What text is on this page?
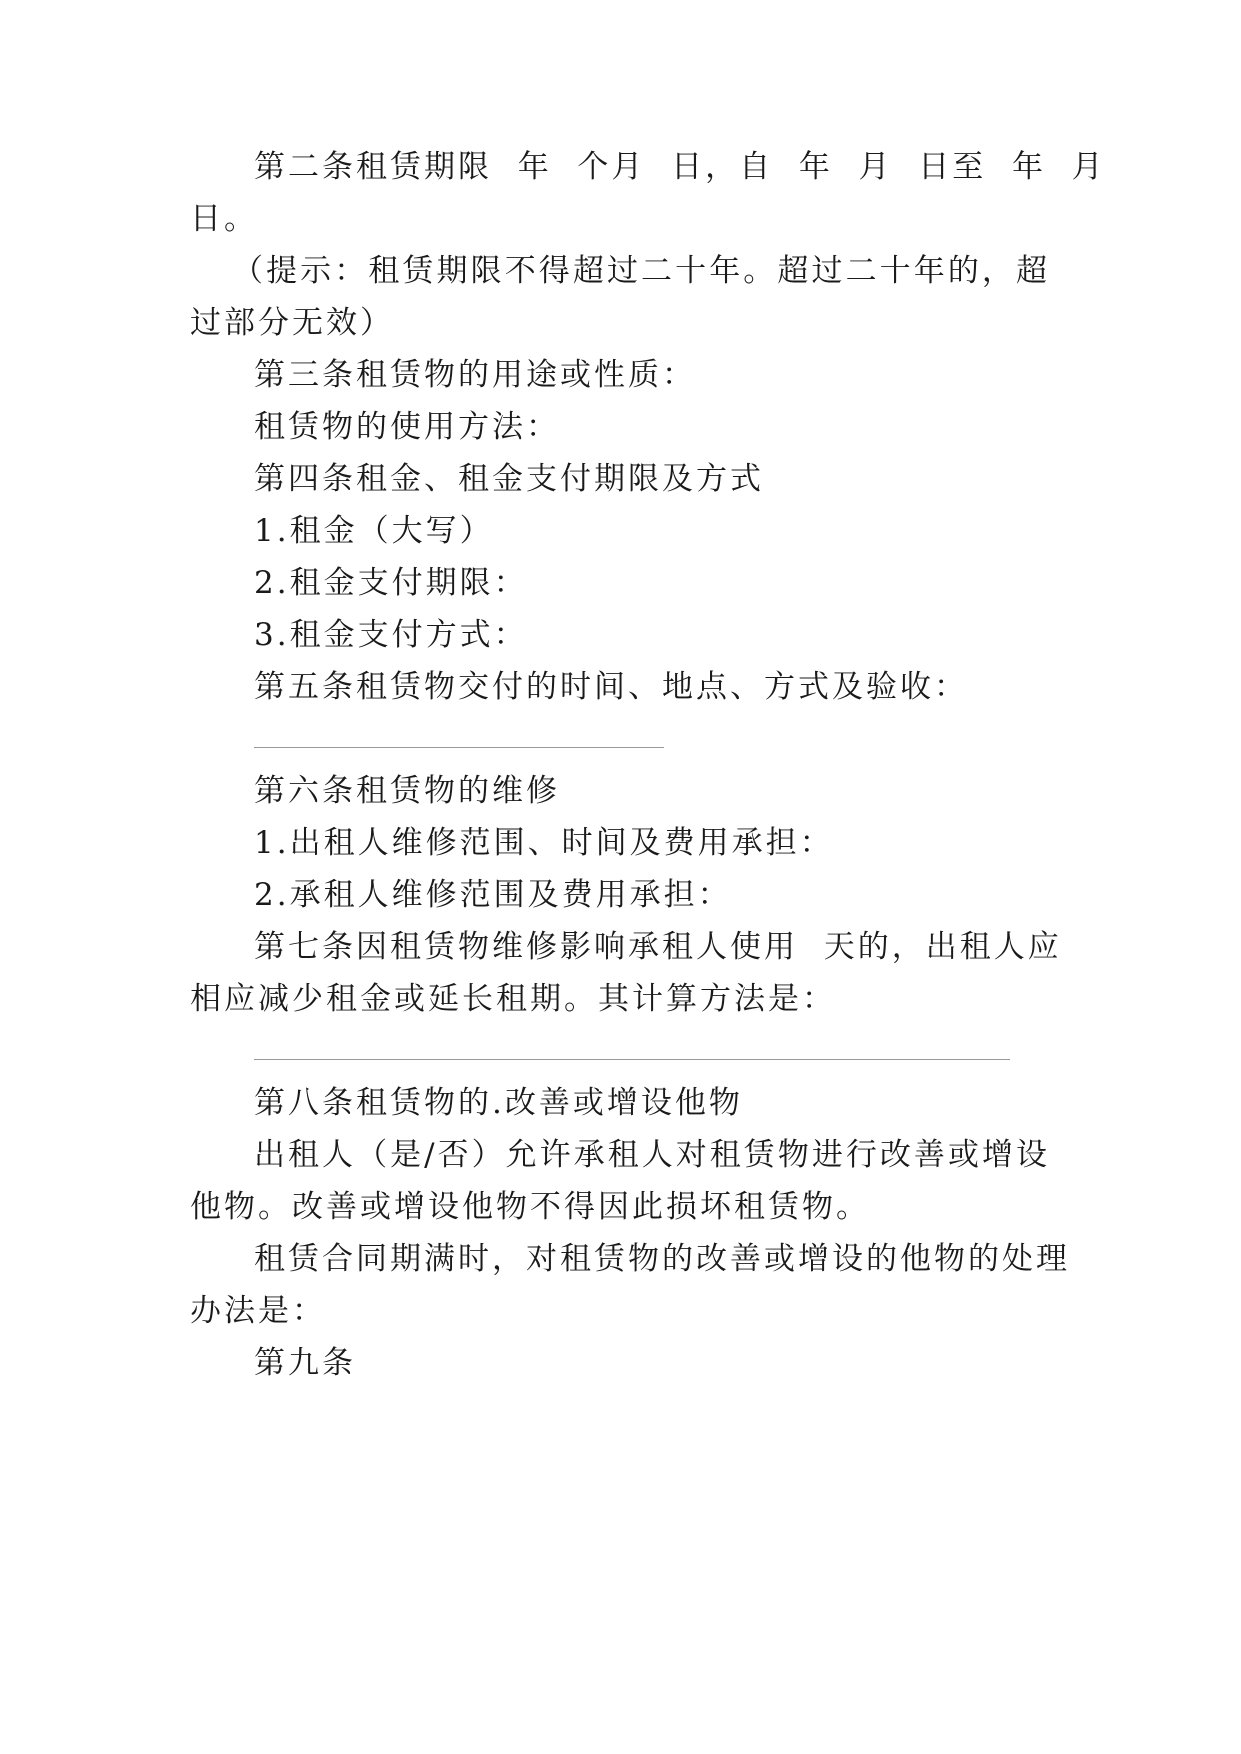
第二条租赁期限  年  个月  日，自  年  月  日至  年  月
日。
（提示：租赁期限不得超过二十年。超过二十年的，超
过部分无效）
第三条租赁物的用途或性质：
租赁物的使用方法：
第四条租金、租金支付期限及方式
1.租金（大写）
2.租金支付期限：
3.租金支付方式：
第五条租赁物交付的时间、地点、方式及验收：
第六条租赁物的维修
1.出租人维修范围、时间及费用承担：
2.承租人维修范围及费用承担：
第七条因租赁物维修影响承租人使用  天的，出租人应
相应减少租金或延长租期。其计算方法是：
第八条租赁物的.改善或增设他物
出租人（是/否）允许承租人对租赁物进行改善或增设
他物。改善或增设他物不得因此损坏租赁物。
租赁合同期满时，对租赁物的改善或增设的他物的处理
办法是：
第九条
